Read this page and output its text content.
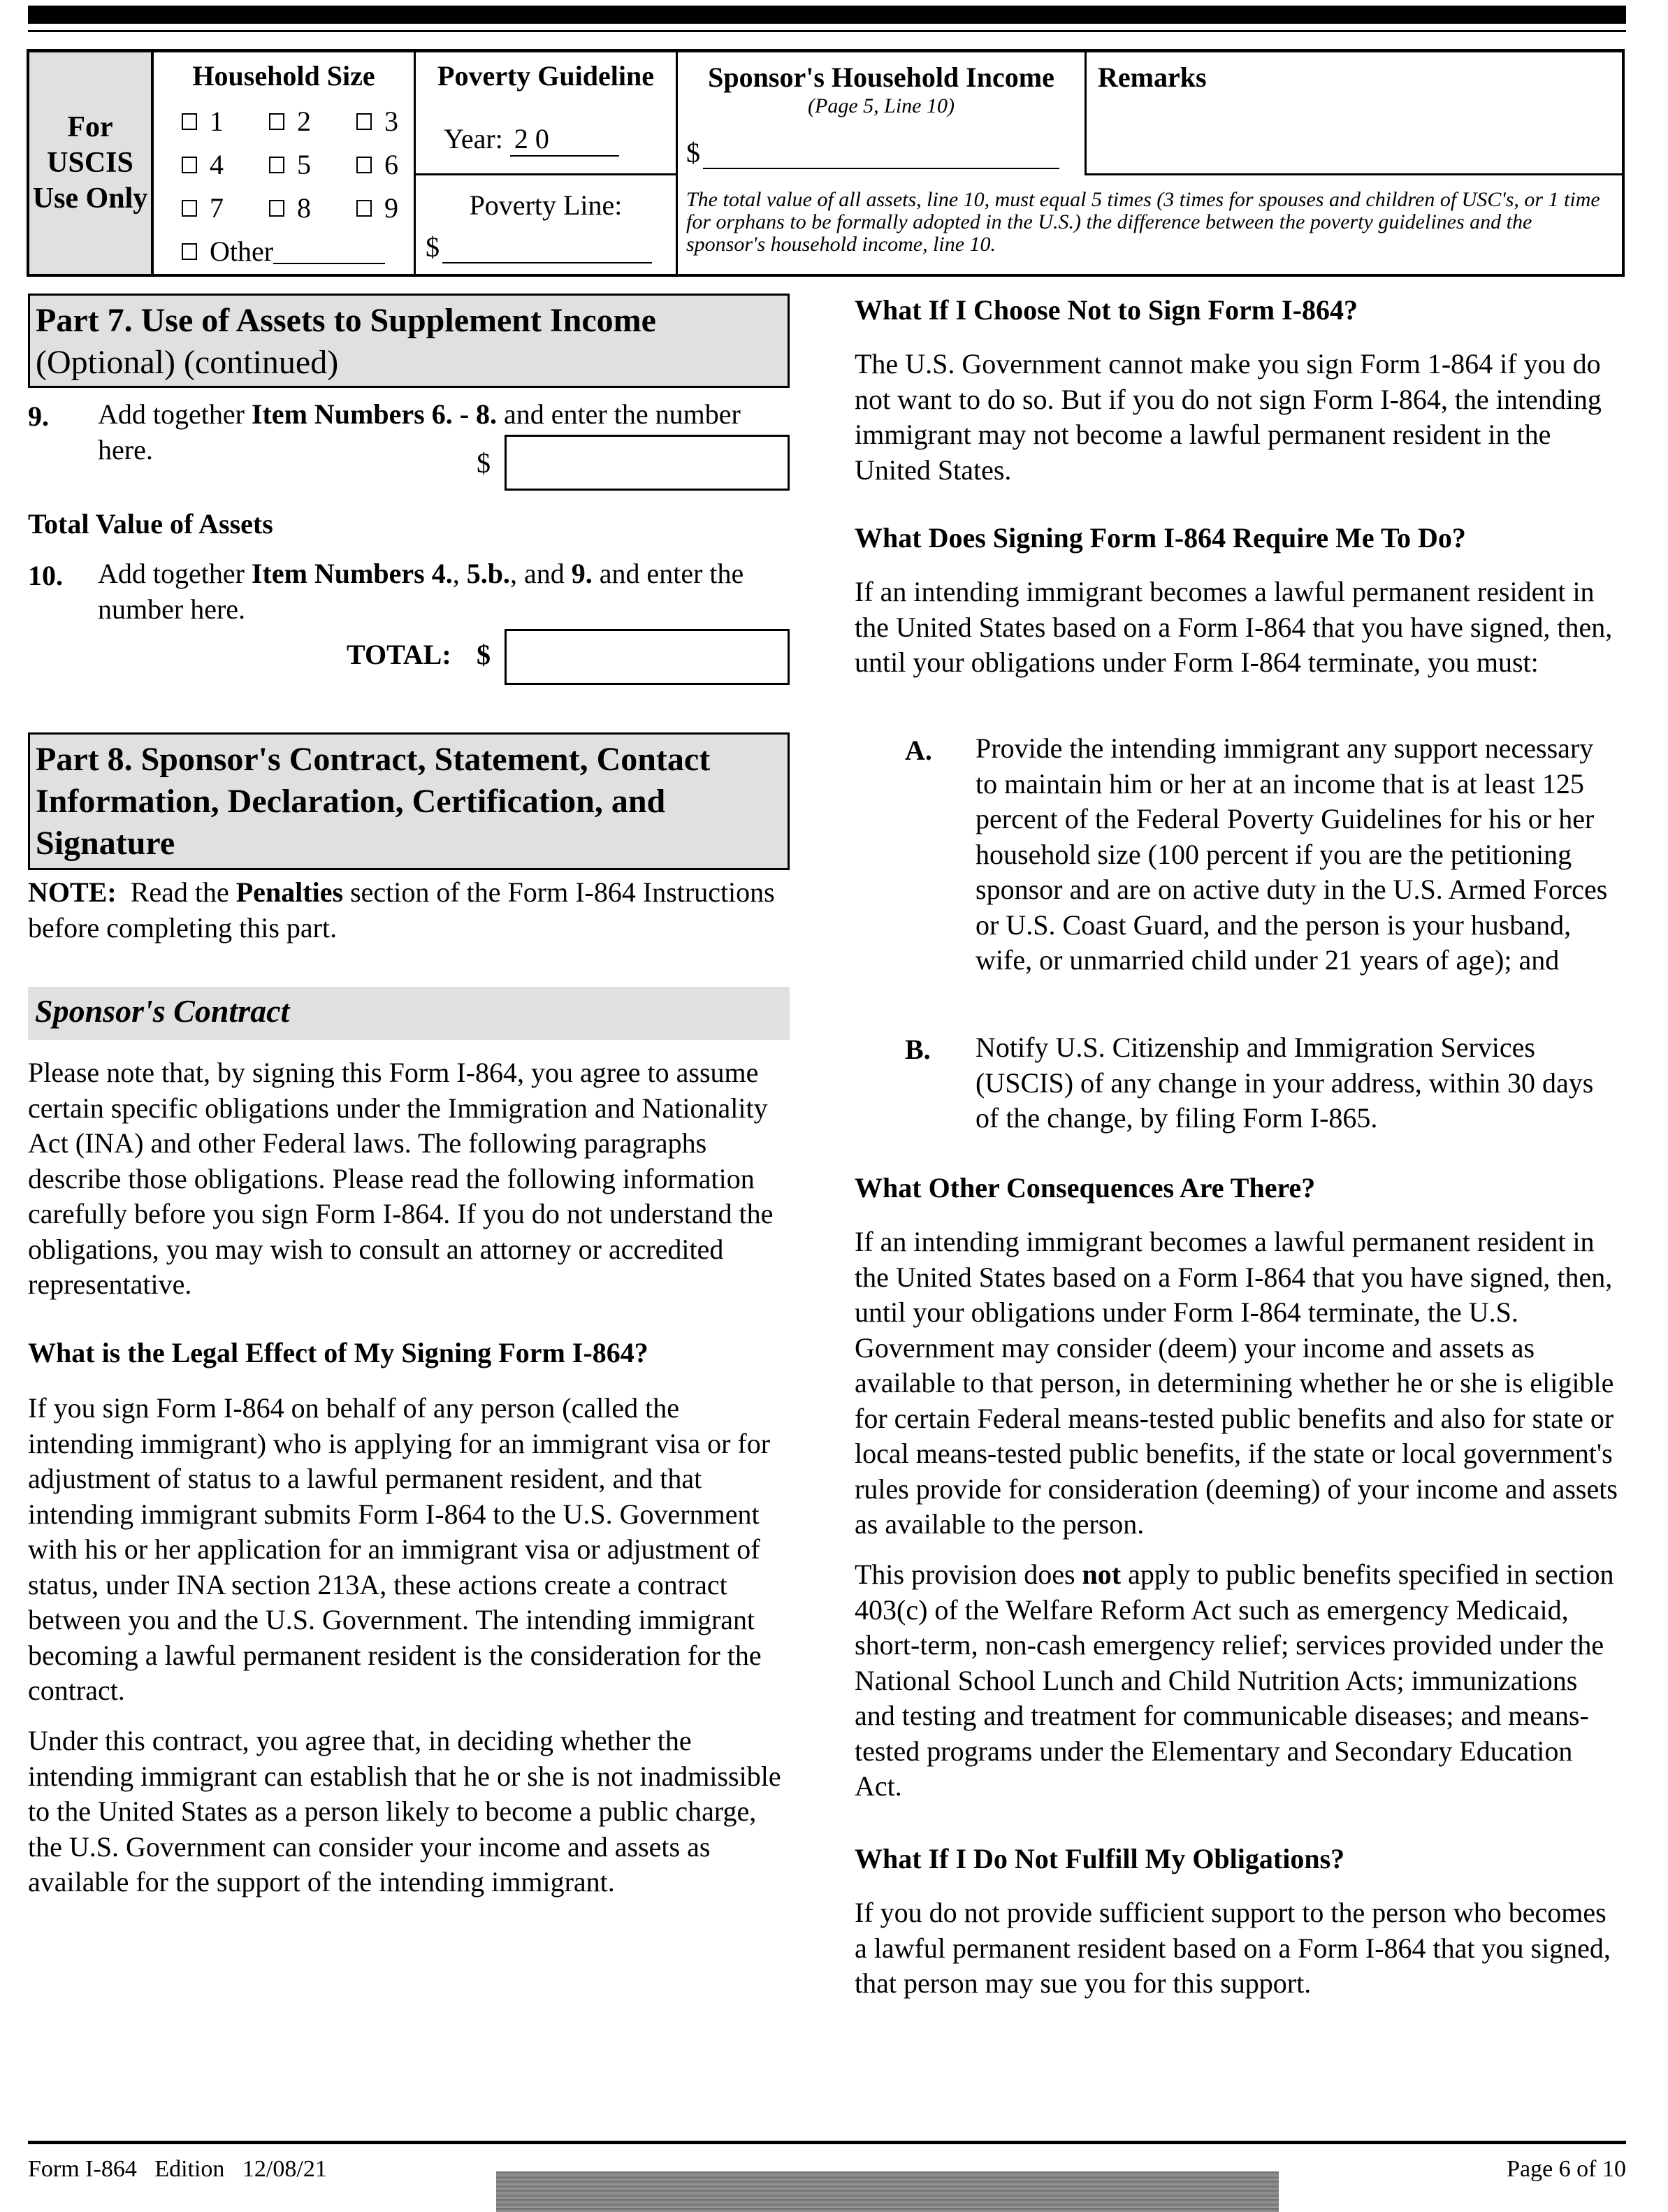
For USCIS Use Only
Household Size
1	2	3
4	5	6
7	8	9
Other
Poverty Guideline
Year: 2 0
Poverty Line:
$
Sponsor's Household Income
(Page 5, Line 10)
$
Remarks
The total value of all assets, line 10, must equal 5 times (3 times for spouses and children of USC's, or 1 time for orphans to be formally adopted in the U.S.) the difference between the poverty guidelines and the sponsor's household income, line 10.
Part 7. Use of Assets to Supplement Income
(Optional) (continued)
9. Add together Item Numbers 6. - 8. and enter the number here.	$
Total Value of Assets
10. Add together Item Numbers 4., 5.b., and 9. and enter the number here.
TOTAL: $
Part 8. Sponsor's Contract, Statement, Contact Information, Declaration, Certification, and Signature
NOTE:  Read the Penalties section of the Form I-864 Instructions before completing this part.
Sponsor's Contract
Please note that, by signing this Form I-864, you agree to assume certain specific obligations under the Immigration and Nationality Act (INA) and other Federal laws. The following paragraphs describe those obligations. Please read the following information carefully before you sign Form I-864. If you do not understand the obligations, you may wish to consult an attorney or accredited representative.
What is the Legal Effect of My Signing Form I-864?
If you sign Form I-864 on behalf of any person (called the intending immigrant) who is applying for an immigrant visa or for adjustment of status to a lawful permanent resident, and that intending immigrant submits Form I-864 to the U.S. Government with his or her application for an immigrant visa or adjustment of status, under INA section 213A, these actions create a contract between you and the U.S. Government. The intending immigrant becoming a lawful permanent resident is the consideration for the contract.
Under this contract, you agree that, in deciding whether the intending immigrant can establish that he or she is not inadmissible to the United States as a person likely to become a public charge, the U.S. Government can consider your income and assets as available for the support of the intending immigrant.
What If I Choose Not to Sign Form I-864?
The U.S. Government cannot make you sign Form 1-864 if you do not want to do so. But if you do not sign Form I-864, the intending immigrant may not become a lawful permanent resident in the United States.
What Does Signing Form I-864 Require Me To Do?
If an intending immigrant becomes a lawful permanent resident in the United States based on a Form I-864 that you have signed, then, until your obligations under Form I-864 terminate, you must:
A. Provide the intending immigrant any support necessary to maintain him or her at an income that is at least 125 percent of the Federal Poverty Guidelines for his or her household size (100 percent if you are the petitioning sponsor and are on active duty in the U.S. Armed Forces or U.S. Coast Guard, and the person is your husband, wife, or unmarried child under 21 years of age); and
B. Notify U.S. Citizenship and Immigration Services (USCIS) of any change in your address, within 30 days of the change, by filing Form I-865.
What Other Consequences Are There?
If an intending immigrant becomes a lawful permanent resident in the United States based on a Form I-864 that you have signed, then, until your obligations under Form I-864 terminate, the U.S. Government may consider (deem) your income and assets as available to that person, in determining whether he or she is eligible for certain Federal means-tested public benefits and also for state or local means-tested public benefits, if the state or local government's rules provide for consideration (deeming) of your income and assets as available to the person.
This provision does not apply to public benefits specified in section 403(c) of the Welfare Reform Act such as emergency Medicaid, short-term, non-cash emergency relief; services provided under the National School Lunch and Child Nutrition Acts; immunizations and testing and treatment for communicable diseases; and means-tested programs under the Elementary and Secondary Education Act.
What If I Do Not Fulfill My Obligations?
If you do not provide sufficient support to the person who becomes a lawful permanent resident based on a Form I-864 that you signed, that person may sue you for this support.
Form I-864   Edition   12/08/21	Page 6 of 10
